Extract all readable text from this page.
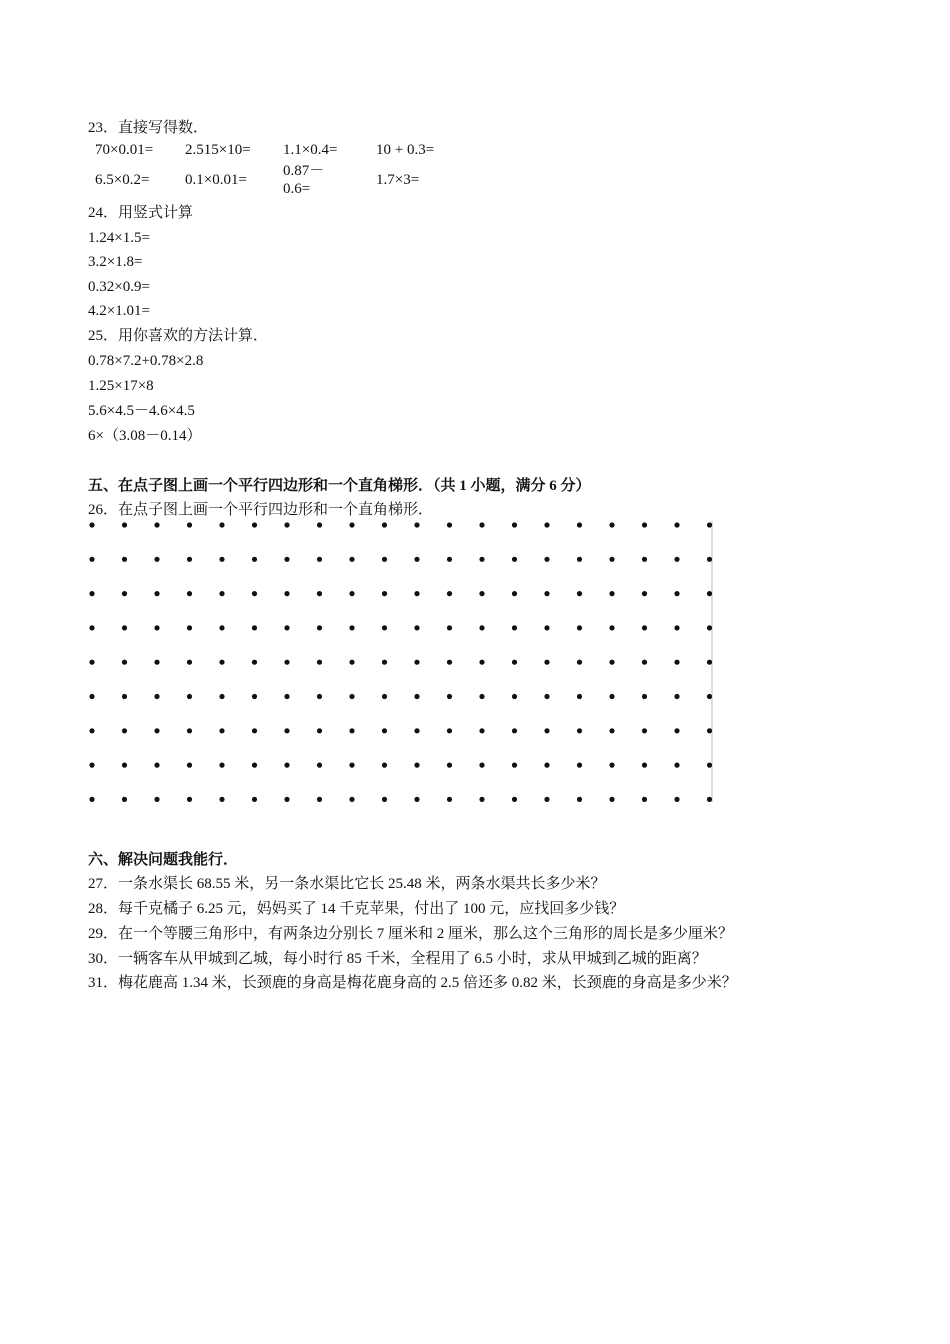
23．直接写得数．
70×0.01= 2.515×10= 1.1×0.4=	10 + 0.3=
6.5×0.2= 0.1×0.01=
0.87－
0.6=
1.7×3=
24．用竖式计算
1.24×1.5=
3.2×1.8=
0.32×0.9=
4.2×1.01=
25．用你喜欢的方法计算．
0.78×7.2+0.78×2.8
1.25×17×8
5.6×4.5－4.6×4.5
6×（3.08－0.14）
五、在点子图上画一个平行四边形和一个直角梯形．（共 1 小题，满分 6 分）
26．在点子图上画一个平行四边形和一个直角梯形．
六、解决问题我能行．
27．一条水渠长 68.55 米，另一条水渠比它长 25.48 米，两条水渠共长多少米？
28．每千克橘子 6.25 元，妈妈买了 14 千克苹果，付出了 100 元，应找回多少钱？
29．在一个等腰三角形中，有两条边分别长 7 厘米和 2 厘米，那么这个三角形的周长是多少厘米？
30．一辆客车从甲城到乙城，每小时行 85 千米，全程用了 6.5 小时，求从甲城到乙城的距离？
31．梅花鹿高 1.34 米，长颈鹿的身高是梅花鹿身高的 2.5 倍还多 0.82 米，长颈鹿的身高是多少米？
